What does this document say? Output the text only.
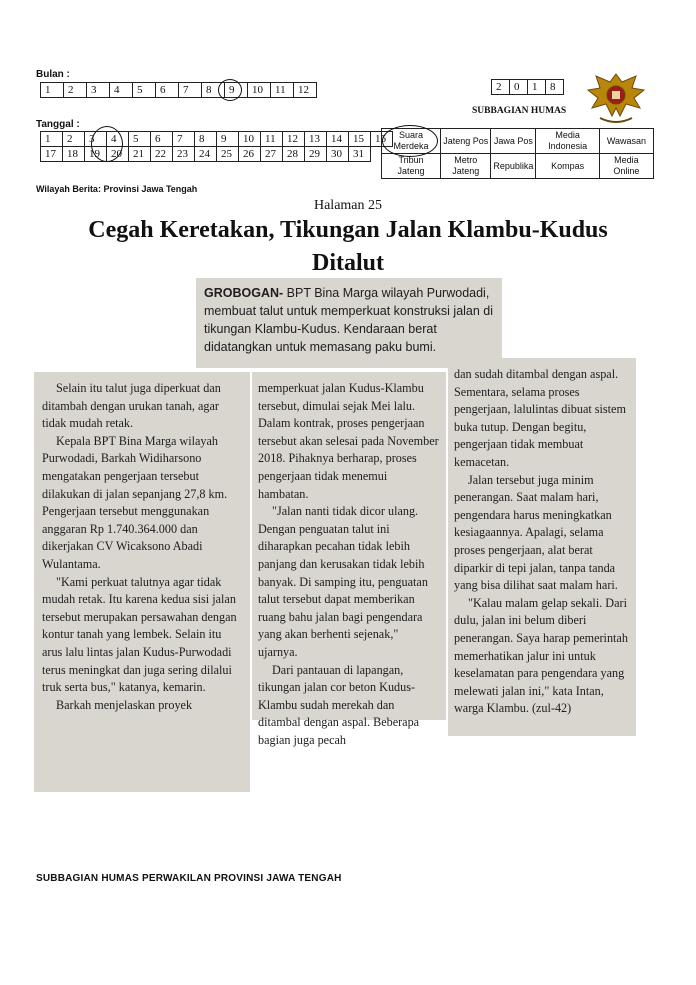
Bulan :
1	2	3	4	5	6	7	8	9	10	11	12	2	0	1	8
SUBBAGIAN HUMAS
Tanggal :
1	2	3	4	5	6	7	8	9	10	11	12	13	14	15	16
17	18	19	20	21	22	23	24	25	26	27	28	29	30	31	
Suara Merdeka	Jateng Pos	Jawa Pos	Media Indonesia	Wawasan
Tribun Jateng	Metro Jateng	Republika	Kompas	Media Online
Wilayah Berita: Provinsi Jawa Tengah
Halaman 25
Cegah Keretakan, Tikungan Jalan Klambu-Kudus
Ditalut
GROBOGAN- BPT Bina Marga wilayah Purwodadi, membuat talut untuk memperkuat konstruksi jalan di tikungan Klambu-Kudus. Kendaraan berat didatangkan untuk memasang paku bumi.

Selain itu talut juga diperkuat dan ditambah dengan urukan tanah, agar tidak mudah retak.

Kepala BPT Bina Marga wilayah Purwodadi, Barkah Widiharsono mengatakan pengerjaan tersebut dilakukan di jalan sepanjang 27,8 km. Pengerjaan tersebut menggunakan anggaran Rp 1.740.364.000 dan dikerjakan CV Wicaksono Abadi Wulantama.

"Kami perkuat talutnya agar tidak mudah retak. Itu karena kedua sisi jalan tersebut merupakan persawahan dengan kontur tanah yang lembek. Selain itu arus lalu lintas jalan Kudus-Purwodadi terus meningkat dan juga sering dilalui truk serta bus," katanya, kemarin.

Barkah menjelaskan proyek

memperkuat jalan Kudus-Klambu tersebut, dimulai sejak Mei lalu. Dalam kontrak, proses pengerjaan tersebut akan selesai pada November 2018. Pihaknya berharap, proses pengerjaan tidak menemui hambatan.

"Jalan nanti tidak dicor ulang. Dengan penguatan talut ini diharapkan pecahan tidak lebih panjang dan kerusakan tidak lebih banyak. Di samping itu, penguatan talut tersebut dapat memberikan ruang bahu jalan bagi pengendara yang akan berhenti sejenak," ujarnya.

Dari pantauan di lapangan, tikungan jalan cor beton Kudus-Klambu sudah merekah dan ditambal dengan aspal. Beberapa bagian juga pecah

dan sudah ditambal dengan aspal. Sementara, selama proses pengerjaan, lalulintas dibuat sistem buka tutup. Dengan begitu, pengerjaan tidak membuat kemacetan.

Jalan tersebut juga minim penerangan. Saat malam hari, pengendara harus meningkatkan kesiagaannya. Apalagi, selama proses pengerjaan, alat berat diparkir di tepi jalan, tanpa tanda yang bisa dilihat saat malam hari.

"Kalau malam gelap sekali. Dari dulu, jalan ini belum diberi penerangan. Saya harap pemerintah memerhatikan jalur ini untuk keselamatan para pengendara yang melewati jalan ini," kata Intan, warga Klambu. (zul-42)

SUBBAGIAN HUMAS PERWAKILAN PROVINSI JAWA TENGAH
